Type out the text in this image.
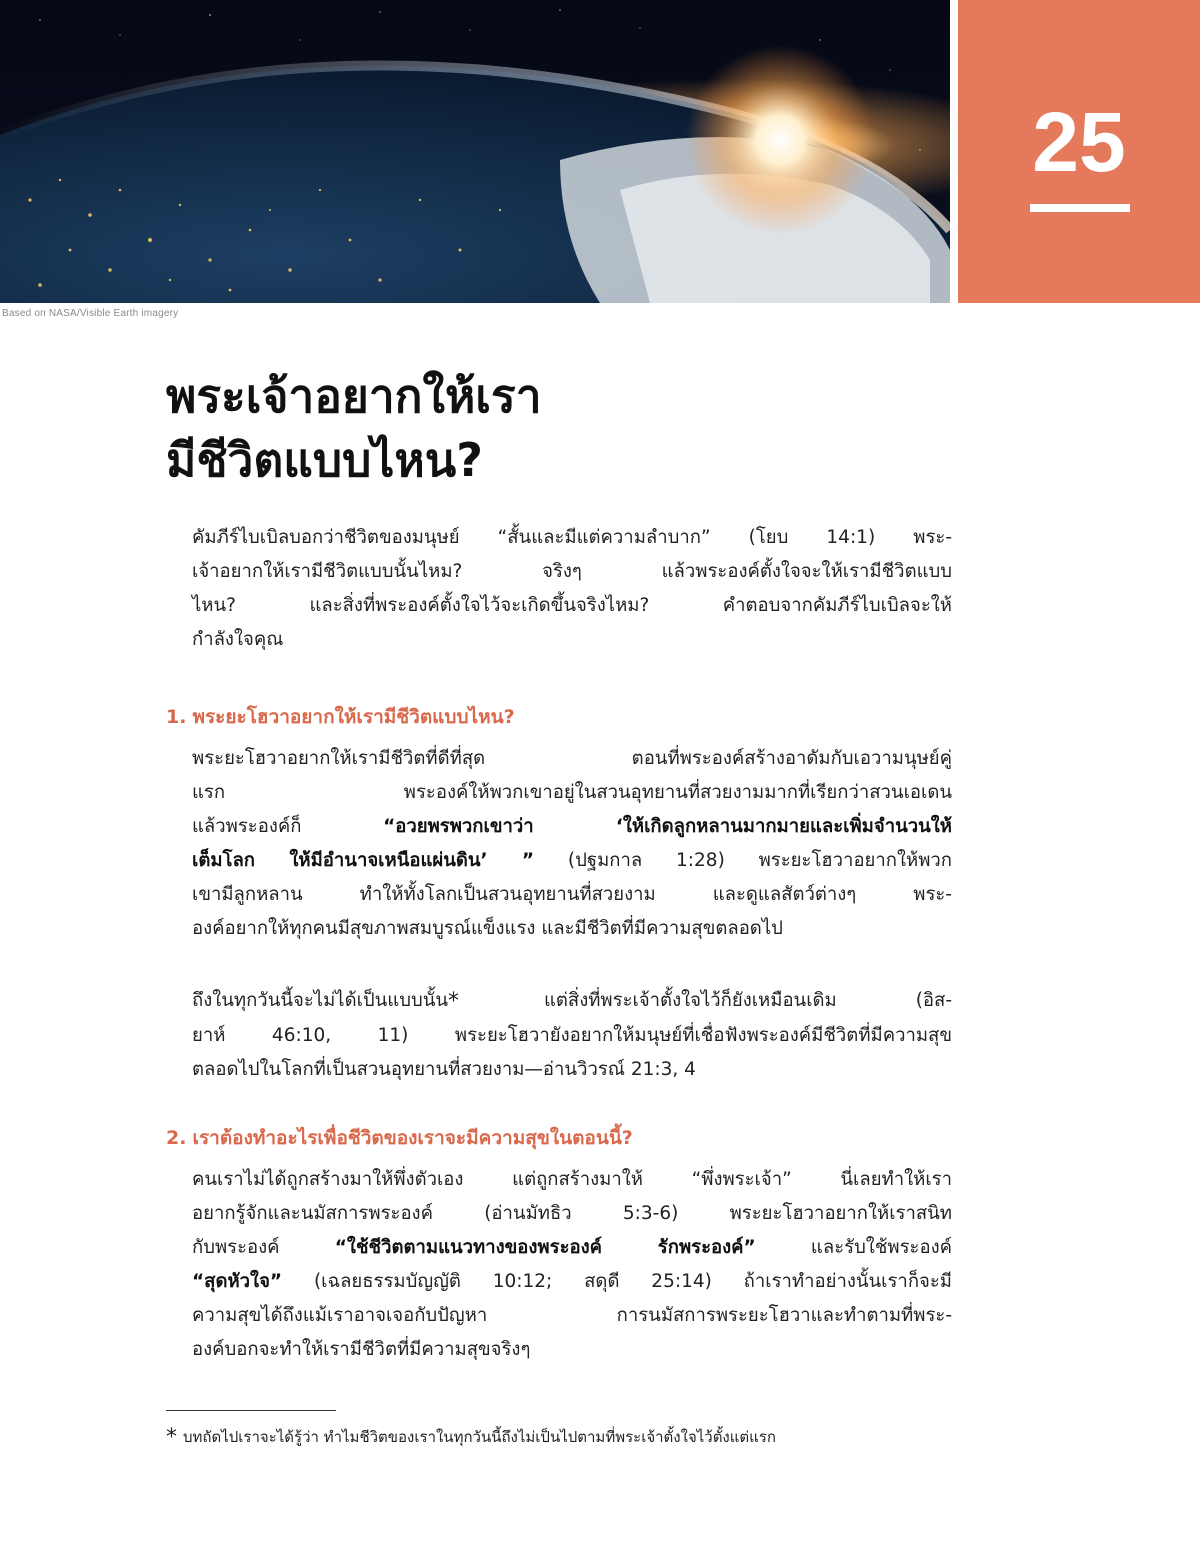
Based on NASA/Visible Earth imagery
25
พระเจ้าอยากให้เรา
มีชีวิตแบบไหน?

คัมภีร์ไบเบิลบอกว่าชีวิตของมนุษย์ “สั้นและมีแต่ความลำบาก” (โยบ 14:1) พระ-
เจ้าอยากให้เรามีชีวิตแบบนั้นไหม? จริงๆ แล้วพระองค์ตั้งใจจะให้เรามีชีวิตแบบ
ไหน? และสิ่งที่พระองค์ตั้งใจไว้จะเกิดขึ้นจริงไหม? คำตอบจากคัมภีร์ไบเบิลจะให้
กำลังใจคุณ

1. พระยะโฮวาอยากให้เรามีชีวิตแบบไหน?

พระยะโฮวาอยากให้เรามีชีวิตที่ดีที่สุด ตอนที่พระองค์สร้างอาดัมกับเอวามนุษย์คู่
แรก พระองค์ให้พวกเขาอยู่ในสวนอุทยานที่สวยงามมากที่เรียกว่าสวนเอเดน
แล้วพระองค์ก็ “อวยพรพวกเขาว่า ‘ให้เกิดลูกหลานมากมายและเพิ่มจำนวนให้
เต็มโลก ให้มีอำนาจเหนือแผ่นดิน’ ” (ปฐมกาล 1:28) พระยะโฮวาอยากให้พวก
เขามีลูกหลาน ทำให้ทั้งโลกเป็นสวนอุทยานที่สวยงาม และดูแลสัตว์ต่างๆ พระ-
องค์อยากให้ทุกคนมีสุขภาพสมบูรณ์แข็งแรง และมีชีวิตที่มีความสุขตลอดไป

ถึงในทุกวันนี้จะไม่ได้เป็นแบบนั้น* แต่สิ่งที่พระเจ้าตั้งใจไว้ก็ยังเหมือนเดิม (อิส-
ยาห์ 46:10, 11) พระยะโฮวายังอยากให้มนุษย์ที่เชื่อฟังพระองค์มีชีวิตที่มีความสุข
ตลอดไปในโลกที่เป็นสวนอุทยานที่สวยงาม—อ่านวิวรณ์ 21:3, 4

2. เราต้องทำอะไรเพื่อชีวิตของเราจะมีความสุขในตอนนี้?

คนเราไม่ได้ถูกสร้างมาให้พึ่งตัวเอง แต่ถูกสร้างมาให้ “พึ่งพระเจ้า” นี่เลยทำให้เรา
อยากรู้จักและนมัสการพระองค์ (อ่านมัทธิว 5:3-6) พระยะโฮวาอยากให้เราสนิท
กับพระองค์ “ใช้ชีวิตตามแนวทางของพระองค์ รักพระองค์” และรับใช้พระองค์
“สุดหัวใจ” (เฉลยธรรมบัญญัติ 10:12; สดุดี 25:14) ถ้าเราทำอย่างนั้นเราก็จะมี
ความสุขได้ถึงแม้เราอาจเจอกับปัญหา การนมัสการพระยะโฮวาและทำตามที่พระ-
องค์บอกจะทำให้เรามีชีวิตที่มีความสุขจริงๆ

* บทถัดไปเราจะได้รู้ว่า ทำไมชีวิตของเราในทุกวันนี้ถึงไม่เป็นไปตามที่พระเจ้าตั้งใจไว้ตั้งแต่แรก
